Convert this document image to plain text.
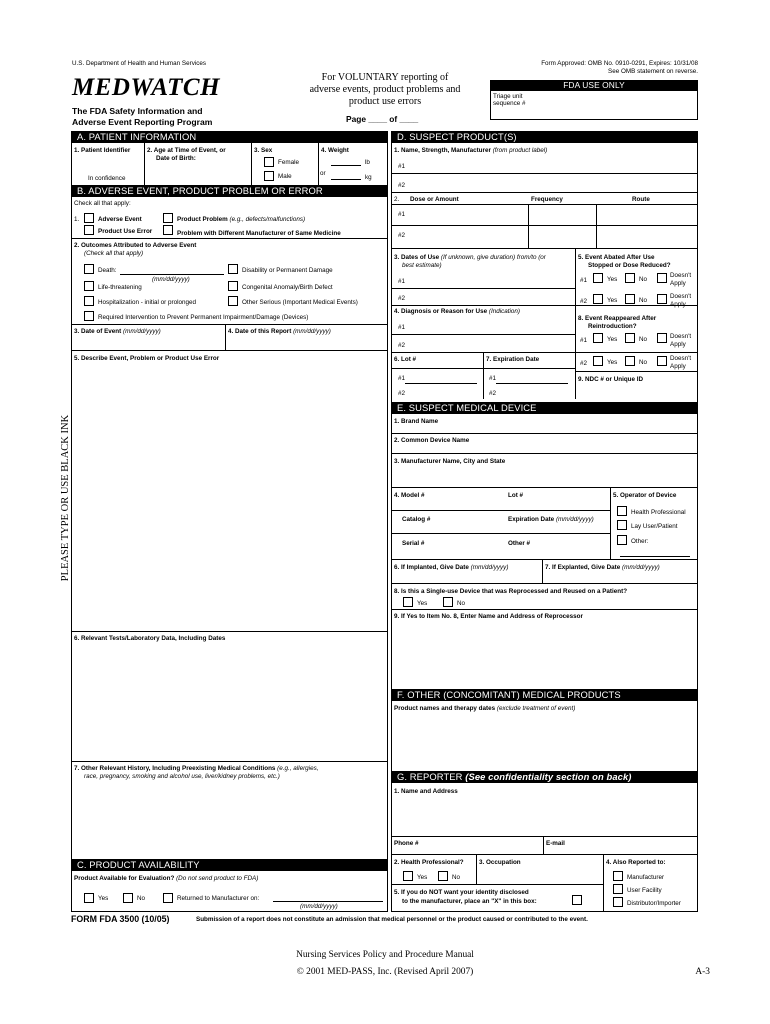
U.S. Department of Health and Human Services
MEDWATCH
The FDA Safety Information and
Adverse Event Reporting Program
For VOLUNTARY reporting of
adverse events, product problems and
product use errors
Page ____ of ____
Form Approved: OMB No. 0910-0291, Expires: 10/31/08
See OMB statement on reverse.
FDA USE ONLY
Triage unit
sequence #
PLEASE TYPE OR USE BLACK INK
A. PATIENT INFORMATION
1. Patient Identifier
In confidence
2. Age at Time of Event, or
Date of Birth:
3. Sex
Female
Male
4. Weight
lb
or
kg
B. ADVERSE EVENT, PRODUCT PROBLEM OR ERROR
Check all that apply:
1.	Adverse Event	Product Problem (e.g., defects/malfunctions)
Product Use Error	Problem with Different Manufacturer of Same Medicine
2. Outcomes Attributed to Adverse Event
(Check all that apply)
Death:
(mm/dd/yyyy)
Disability or Permanent Damage
Life-threatening	Congenital Anomaly/Birth Defect
Hospitalization - initial or prolonged	Other Serious (Important Medical Events)
Required Intervention to Prevent Permanent Impairment/Damage (Devices)
3. Date of Event (mm/dd/yyyy)	4. Date of this Report (mm/dd/yyyy)
5. Describe Event, Problem or Product Use Error
6. Relevant Tests/Laboratory Data, Including Dates
7. Other Relevant History, Including Preexisting Medical Conditions (e.g., allergies,
race, pregnancy, smoking and alcohol use, liver/kidney problems, etc.)
C. PRODUCT AVAILABILITY
Product Available for Evaluation? (Do not send product to FDA)
Yes	No	Returned to Manufacturer on:
(mm/dd/yyyy)
D. SUSPECT PRODUCT(S)
1. Name, Strength, Manufacturer (from product label)
#1
#2
2. Dose or Amount	Frequency	Route
#1
#2
3. Dates of Use (If unknown, give duration) from/to (or
best estimate)
#1
#2
5. Event Abated After Use
Stopped or Dose Reduced?
#1	Yes	No
Doesn't
Apply
#2	Yes	No
Doesn't
Apply
4. Diagnosis or Reason for Use (Indication)
#1
#2
8. Event Reappeared After
Reintroduction?
#1	Yes	No	Doesn't
Apply
6. Lot #	7. Expiration Date
#2	Yes	No
Doesn't
Apply
#1	#1	9. NDC # or Unique ID
#2	#2
E. SUSPECT MEDICAL DEVICE
1. Brand Name
2. Common Device Name
3. Manufacturer Name, City and State
4. Model #	Lot #	5. Operator of Device
Catalog #	Expiration Date (mm/dd/yyyy)
Serial #	Other #
Health Professional
Lay User/Patient
Other:
6. If Implanted, Give Date (mm/dd/yyyy)	7. If Explanted, Give Date (mm/dd/yyyy)
8. Is this a Single-use Device that was Reprocessed and Reused on a Patient?
Yes	No
9. If Yes to Item No. 8, Enter Name and Address of Reprocessor
F. OTHER (CONCOMITANT) MEDICAL PRODUCTS
Product names and therapy dates (exclude treatment of event)
G. REPORTER (See confidentiality section on back)
1. Name and Address
Phone #	E-mail
2. Health Professional? 3. Occupation	4. Also Reported to:
Yes	No	Manufacturer
User Facility
Distributor/Importer
5. If you do NOT want your identity disclosed
to the manufacturer, place an "X" in this box:
FORM FDA 3500 (10/05)	Submission of a report does not constitute an admission that medical personnel or the product caused or contributed to the event.
Nursing Services Policy and Procedure Manual
© 2001 MED-PASS, Inc. (Revised April 2007)	A-3
